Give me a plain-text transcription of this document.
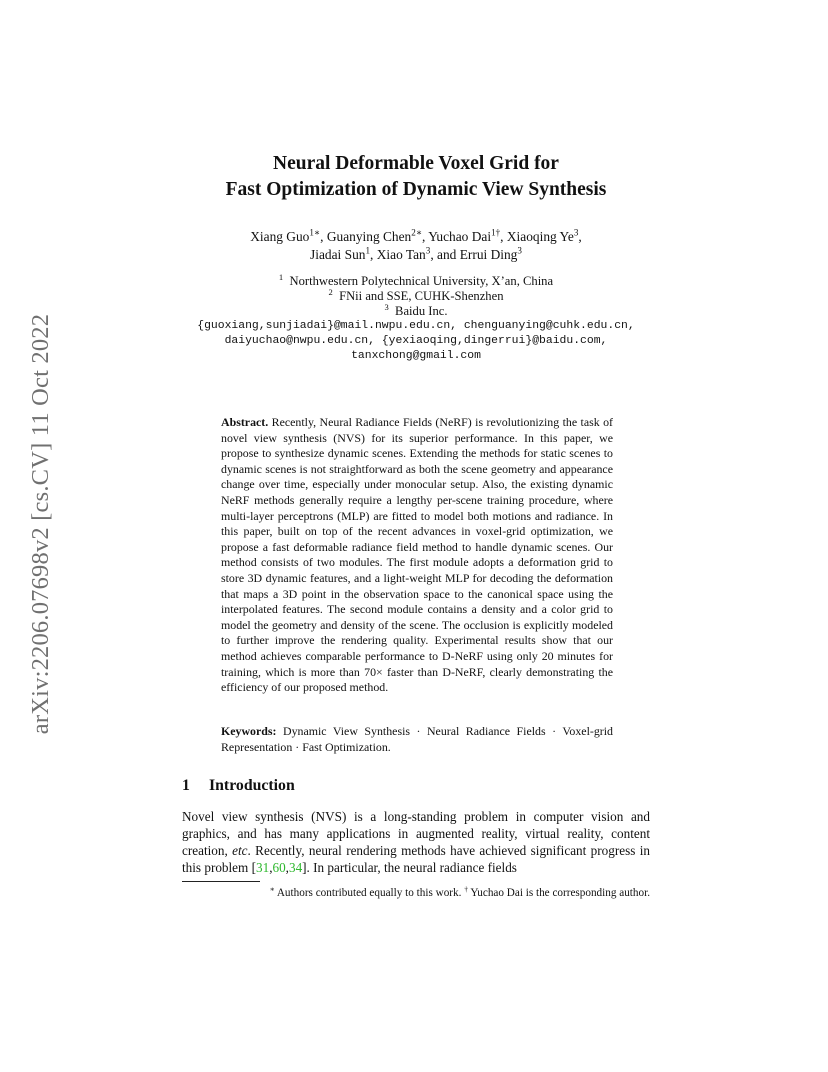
arXiv:2206.07698v2 [cs.CV] 11 Oct 2022
Neural Deformable Voxel Grid for
Fast Optimization of Dynamic View Synthesis
Xiang Guo$^{1∗}$, Guanying Chen$^{2∗}$, Yuchao Dai$^{1\dagger}$, Xiaoqing Ye$^3$,
Jiadai Sun$^1$, Xiao Tan$^3$, and Errui Ding$^3$
$^1$ Northwestern Polytechnical University, X’an, China
$^2$ FNii and SSE, CUHK-Shenzhen
$^3$ Baidu Inc.
{guoxiang,sunjiadai}@mail.nwpu.edu.cn, chenguanying@cuhk.edu.cn,
daiyuchao@nwpu.edu.cn, {yexiaoqing,dingerrui}@baidu.com,
tanxchong@gmail.com

Abstract. Recently, Neural Radiance Fields (NeRF) is revolutionizing the task of novel view synthesis (NVS) for its superior performance. In this paper, we propose to synthesize dynamic scenes. Extending the methods for static scenes to dynamic scenes is not straightforward as both the scene geometry and appearance change over time, especially under monocular setup. Also, the existing dynamic NeRF methods generally require a lengthy per-scene training procedure, where multi-layer perceptrons (MLP) are fitted to model both motions and radiance. In this paper, built on top of the recent advances in voxel-grid optimization, we propose a fast deformable radiance field method to handle dynamic scenes. Our method consists of two modules. The first module adopts a deformation grid to store 3D dynamic features, and a light-weight MLP for decoding the deformation that maps a 3D point in the observation space to the canonical space using the interpolated features. The second module contains a density and a color grid to model the geometry and density of the scene. The occlusion is explicitly modeled to further improve the rendering quality. Experimental results show that our method achieves comparable performance to D-NeRF using only 20 minutes for training, which is more than 70× faster than D-NeRF, clearly demonstrating the efficiency of our proposed method.

Keywords: Dynamic View Synthesis · Neural Radiance Fields · Voxel-grid Representation · Fast Optimization.

1 Introduction

Novel view synthesis (NVS) is a long-standing problem in computer vision and graphics, and has many applications in augmented reality, virtual reality, content creation, etc. Recently, neural rendering methods have achieved significant progress in this problem [31,60,34]. In particular, the neural radiance fields

∗ Authors contributed equally to this work. † Yuchao Dai is the corresponding author.
